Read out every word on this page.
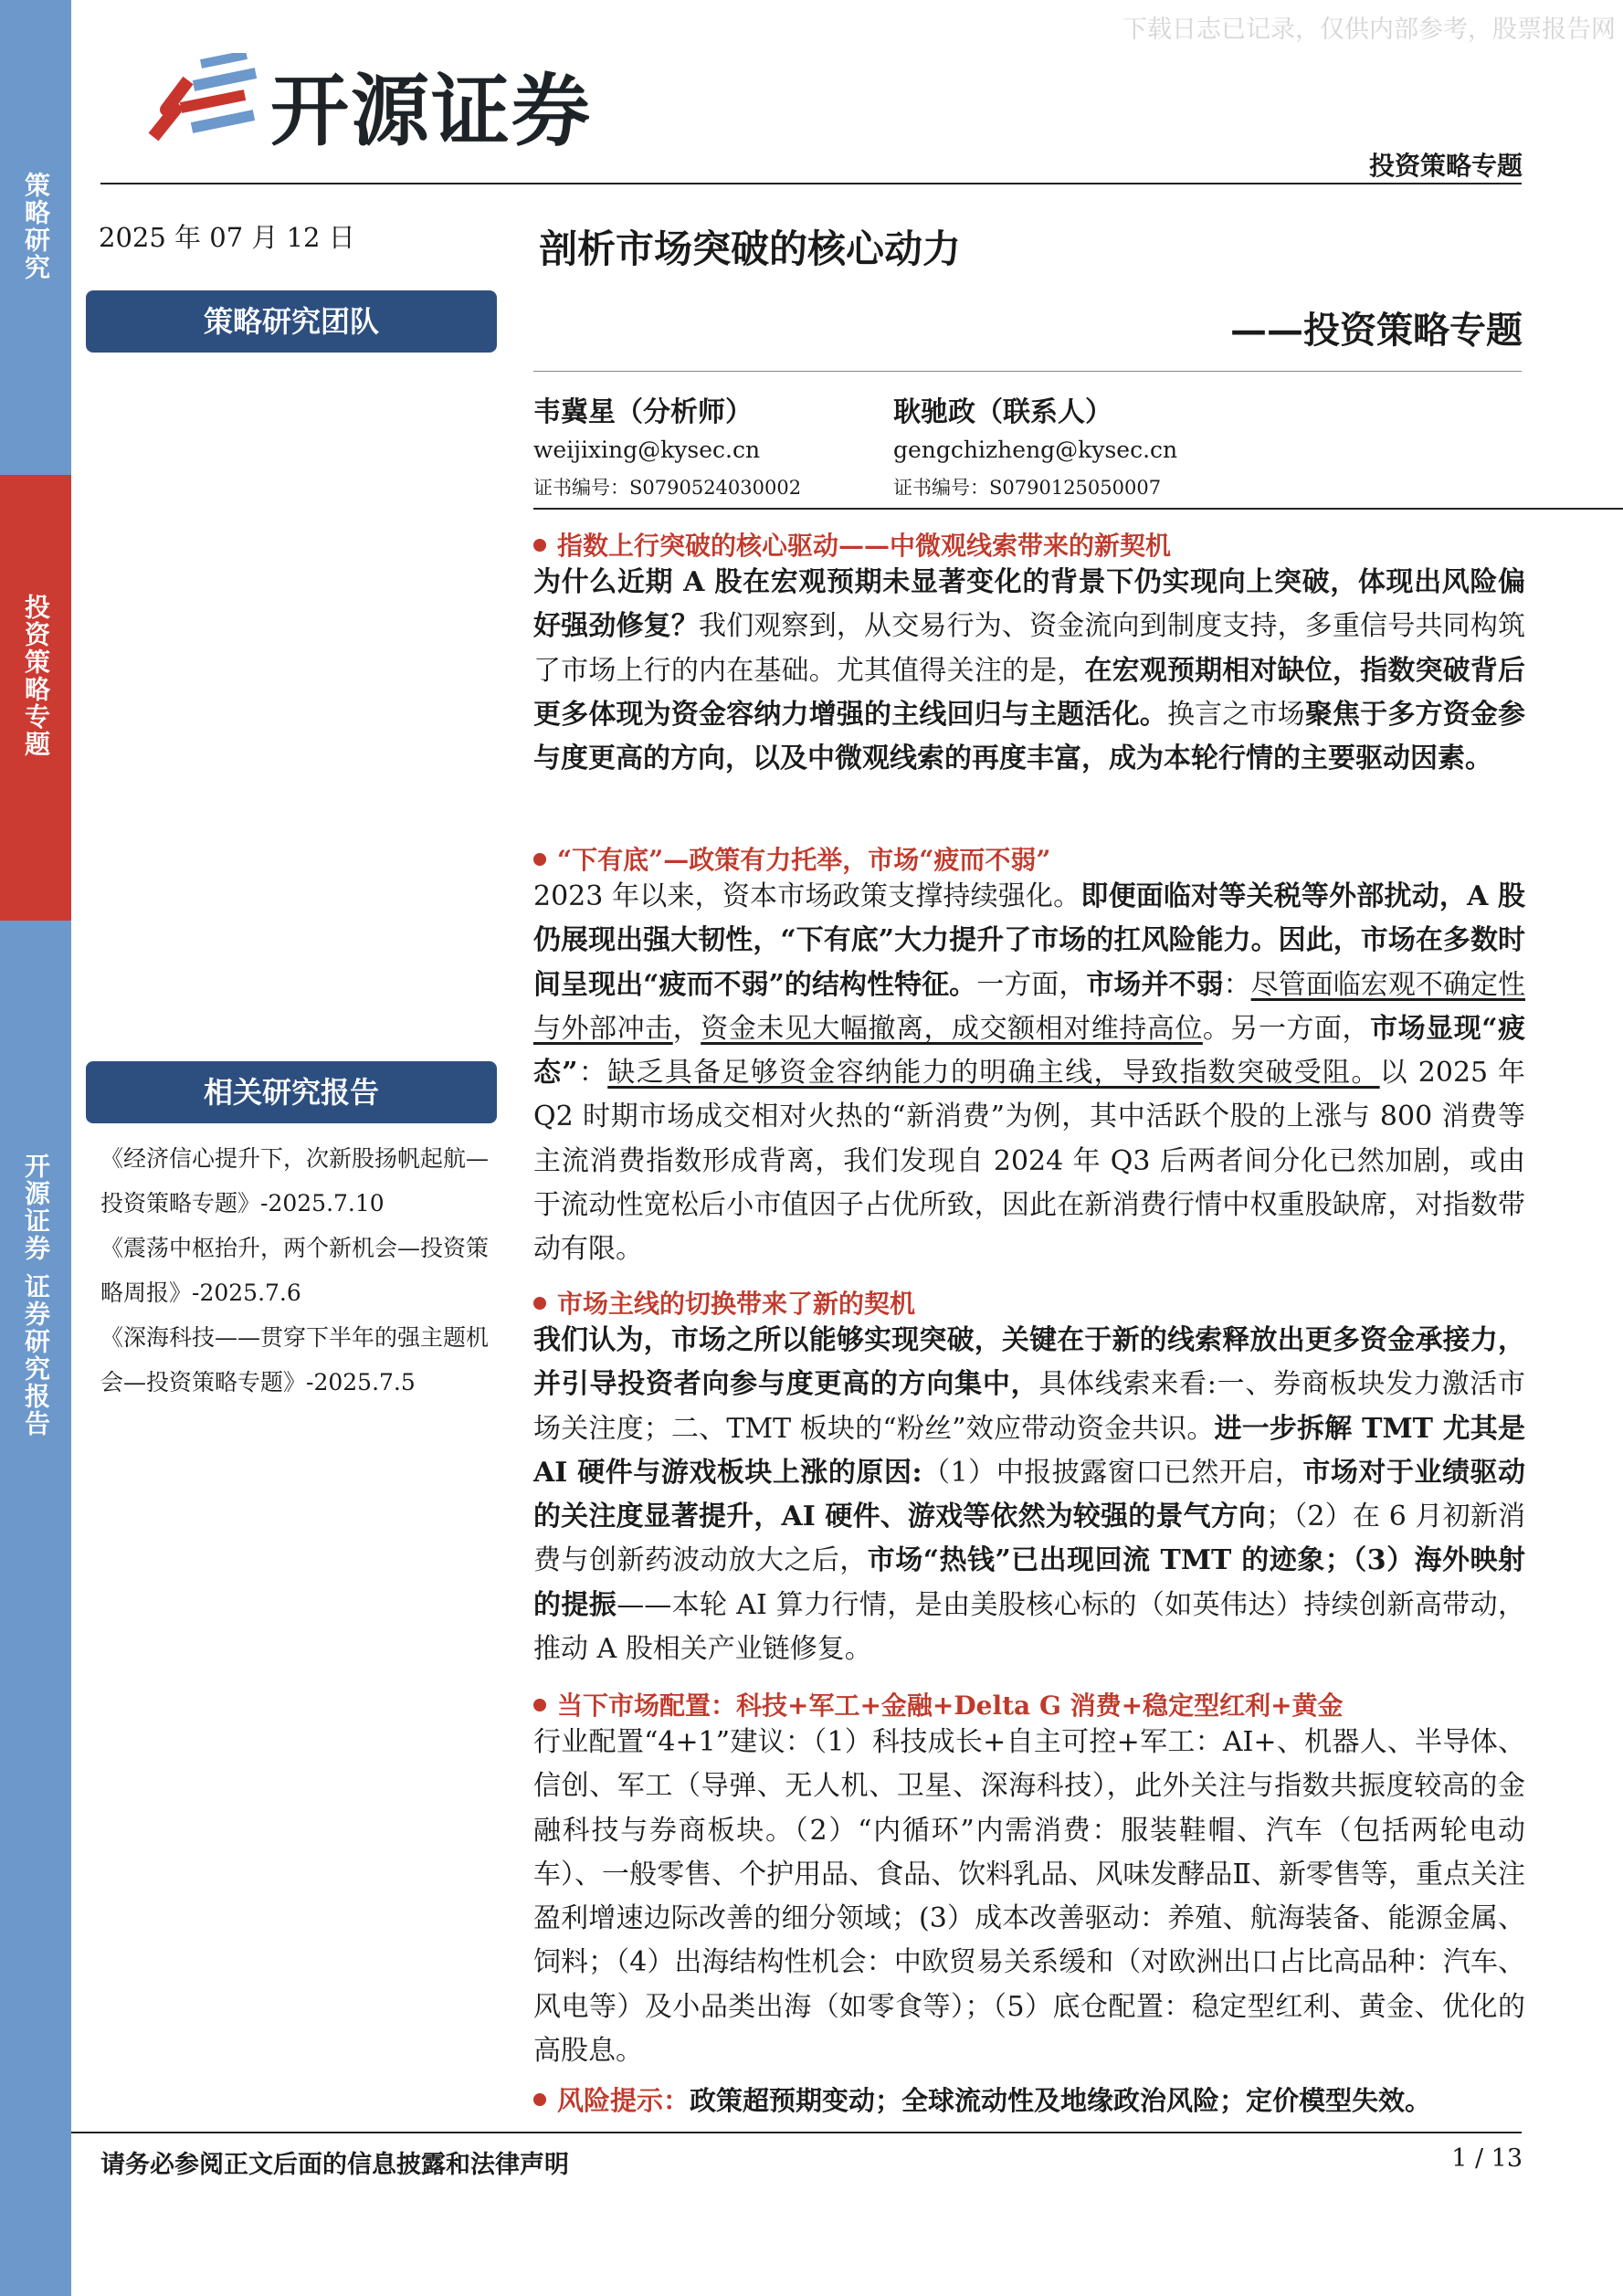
策略研究
投资策略专题
开源证券 证券研究报告
下载日志已记录，仅供内部参考，股票报告网
开源证券
投资策略专题
2025 年 07 月 12 日	剖析市场突破的核心动力
——投资策略专题
策略研究团队
韦冀星（分析师）
weijixing@kysec.cn
证书编号：S0790524030002
耿驰政（联系人）
gengchizheng@kysec.cn
证书编号：S0790125050007
相关研究报告
《经济信心提升下，次新股扬帆起航—投资策略专题》-2025.7.10
《震荡中枢抬升，两个新机会—投资策略周报》-2025.7.6
《深海科技——贯穿下半年的强主题机会—投资策略专题》-2025.7.5
指数上行突破的核心驱动——中微观线索带来的新契机
为什么近期 A 股在宏观预期未显著变化的背景下仍实现向上突破，体现出风险偏好强劲修复？我们观察到，从交易行为、资金流向到制度支持，多重信号共同构筑了市场上行的内在基础。尤其值得关注的是，在宏观预期相对缺位，指数突破背后更多体现为资金容纳力增强的主线回归与主题活化。换言之市场聚焦于多方资金参与度更高的方向，以及中微观线索的再度丰富，成为本轮行情的主要驱动因素。
“下有底”—政策有力托举，市场“疲而不弱”
2023 年以来，资本市场政策支撑持续强化。即便面临对等关税等外部扰动，A 股仍展现出强大韧性，“下有底”大力提升了市场的扛风险能力。因此，市场在多数时间呈现出“疲而不弱”的结构性特征。一方面，市场并不弱：尽管面临宏观不确定性与外部冲击，资金未见大幅撤离，成交额相对维持高位。另一方面，市场显现“疲态”：缺乏具备足够资金容纳能力的明确主线，导致指数突破受阻。以 2025 年 Q2 时期市场成交相对火热的“新消费”为例，其中活跃个股的上涨与 800 消费等主流消费指数形成背离，我们发现自 2024 年 Q3 后两者间分化已然加剧，或由于流动性宽松后小市值因子占优所致，因此在新消费行情中权重股缺席，对指数带动有限。
市场主线的切换带来了新的契机
我们认为，市场之所以能够实现突破，关键在于新的线索释放出更多资金承接力，并引导投资者向参与度更高的方向集中，具体线索来看:一、券商板块发力激活市场关注度；二、TMT 板块的“粉丝”效应带动资金共识。进一步拆解 TMT 尤其是 AI 硬件与游戏板块上涨的原因:（1）中报披露窗口已然开启，市场对于业绩驱动的关注度显著提升，AI 硬件、游戏等依然为较强的景气方向；（2）在 6 月初新消费与创新药波动放大之后，市场“热钱”已出现回流 TMT 的迹象；（3）海外映射的提振——本轮 AI 算力行情，是由美股核心标的（如英伟达）持续创新高带动，推动 A 股相关产业链修复。
当下市场配置：科技+军工+金融+Delta G 消费+稳定型红利+黄金
行业配置“4+1”建议：（1）科技成长+自主可控+军工：AI+、机器人、半导体、信创、军工（导弹、无人机、卫星、深海科技），此外关注与指数共振度较高的金融科技与券商板块。（2）“内循环”内需消费：服装鞋帽、汽车（包括两轮电动车）、一般零售、个护用品、食品、饮料乳品、风味发酵品Ⅱ、新零售等，重点关注盈利增速边际改善的细分领域；(3）成本改善驱动：养殖、航海装备、能源金属、饲料；（4）出海结构性机会：中欧贸易关系缓和（对欧洲出口占比高品种：汽车、风电等）及小品类出海（如零食等）；（5）底仓配置：稳定型红利、黄金、优化的高股息。
风险提示：政策超预期变动；全球流动性及地缘政治风险；定价模型失效。
请务必参阅正文后面的信息披露和法律声明	1 / 13
